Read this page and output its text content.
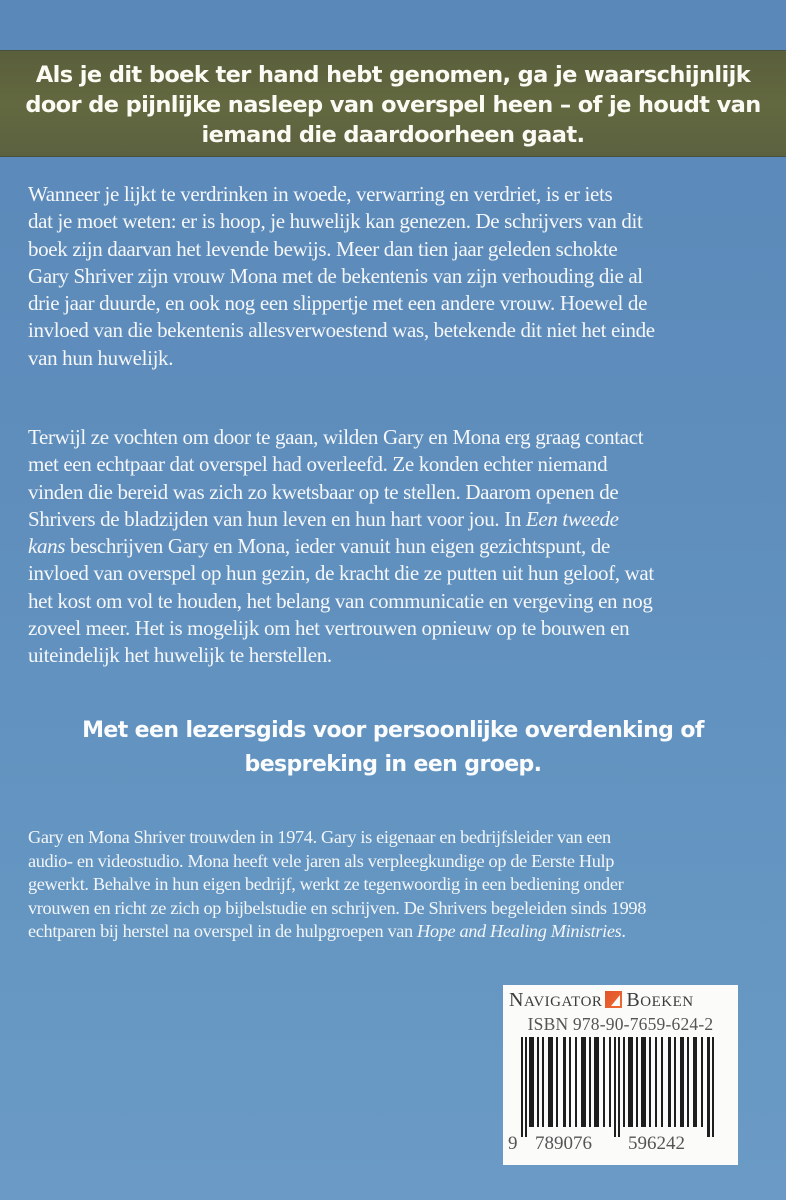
Als je dit boek ter hand hebt genomen, ga je waarschijnlijk
door de pijnlijke nasleep van overspel heen – of je houdt van
iemand die daardoorheen gaat.
Wanneer je lijkt te verdrinken in woede, verwarring en verdriet, is er iets
dat je moet weten: er is hoop, je huwelijk kan genezen. De schrijvers van dit
boek zijn daarvan het levende bewijs. Meer dan tien jaar geleden schokte
Gary Shriver zijn vrouw Mona met de bekentenis van zijn verhouding die al
drie jaar duurde, en ook nog een slippertje met een andere vrouw. Hoewel de
invloed van die bekentenis allesverwoestend was, betekende dit niet het einde
van hun huwelijk.
Terwijl ze vochten om door te gaan, wilden Gary en Mona erg graag contact
met een echtpaar dat overspel had overleefd. Ze konden echter niemand
vinden die bereid was zich zo kwetsbaar op te stellen. Daarom openen de
Shrivers de bladzijden van hun leven en hun hart voor jou. In Een tweede
kans beschrijven Gary en Mona, ieder vanuit hun eigen gezichtspunt, de
invloed van overspel op hun gezin, de kracht die ze putten uit hun geloof, wat
het kost om vol te houden, het belang van communicatie en vergeving en nog
zoveel meer. Het is mogelijk om het vertrouwen opnieuw op te bouwen en
uiteindelijk het huwelijk te herstellen.
Met een lezersgids voor persoonlijke overdenking of
bespreking in een groep.
Gary en Mona Shriver trouwden in 1974. Gary is eigenaar en bedrijfsleider van een
audio- en videostudio. Mona heeft vele jaren als verpleegkundige op de Eerste Hulp
gewerkt. Behalve in hun eigen bedrijf, werkt ze tegenwoordig in een bediening onder
vrouwen en richt ze zich op bijbelstudie en schrijven. De Shrivers begeleiden sinds 1998
echtparen bij herstel na overspel in de hulpgroepen van Hope and Healing Ministries.
NAVIGATOR BOEKEN
ISBN 978-90-7659-624-2
9 789076 596242
